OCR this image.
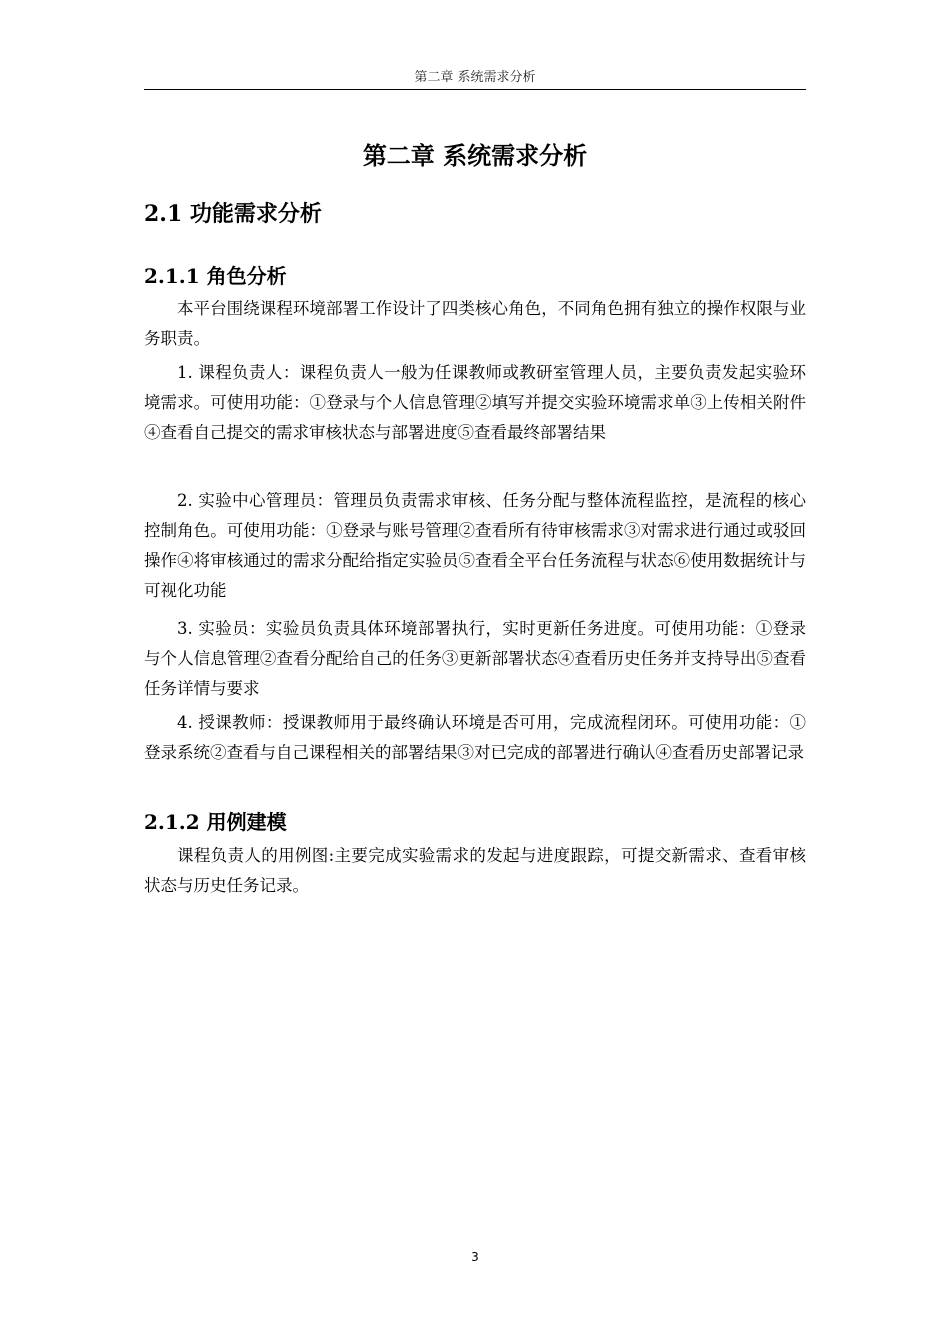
第二章 系统需求分析
第二章 系统需求分析
2.1 功能需求分析
2.1.1 角色分析

本平台围绕课程环境部署工作设计了四类核心角色，不同角色拥有独立的操作权限与业务职责。

1. 课程负责人：课程负责人一般为任课教师或教研室管理人员，主要负责发起实验环境需求。可使用功能：①登录与个人信息管理②填写并提交实验环境需求单③上传相关附件④查看自己提交的需求审核状态与部署进度⑤查看最终部署结果

2. 实验中心管理员：管理员负责需求审核、任务分配与整体流程监控，是流程的核心控制角色。可使用功能：①登录与账号管理②查看所有待审核需求③对需求进行通过或驳回操作④将审核通过的需求分配给指定实验员⑤查看全平台任务流程与状态⑥使用数据统计与可视化功能

3. 实验员：实验员负责具体环境部署执行，实时更新任务进度。可使用功能：①登录与个人信息管理②查看分配给自己的任务③更新部署状态④查看历史任务并支持导出⑤查看任务详情与要求

4. 授课教师：授课教师用于最终确认环境是否可用，完成流程闭环。可使用功能：①登录系统②查看与自己课程相关的部署结果③对已完成的部署进行确认④查看历史部署记录

2.1.2 用例建模

课程负责人的用例图:主要完成实验需求的发起与进度跟踪，可提交新需求、查看审核状态与历史任务记录。

3
